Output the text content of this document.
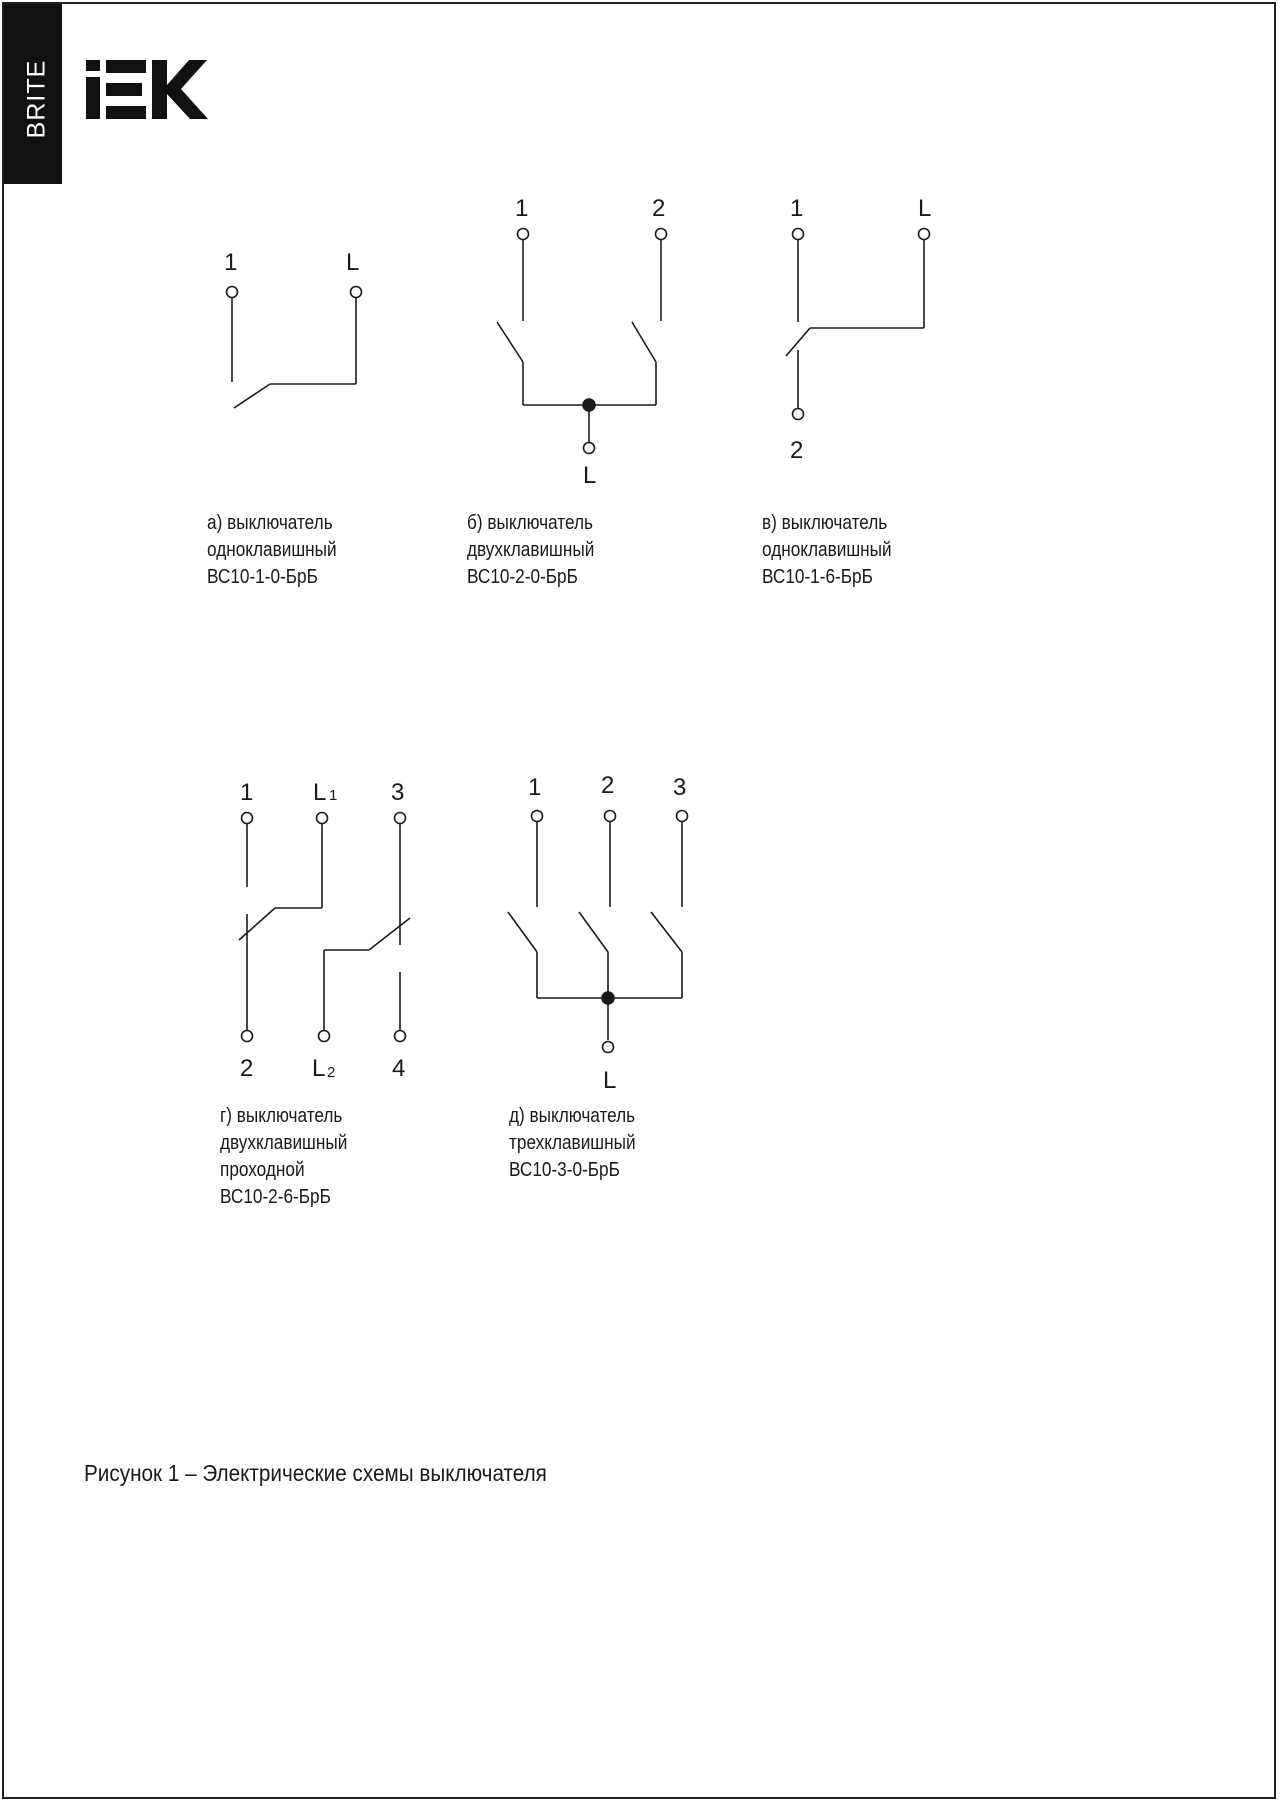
BRITE
1	L
1	2
L
1	L
2
1 L 1 3
2 L 2 4
1 2 3
L
а) выключатель
одноклавишный
ВС10-1-0-БрБ
б) выключатель
двухклавишный
ВС10-2-0-БрБ
в) выключатель
одноклавишный
ВС10-1-6-БрБ
г) выключатель
двухклавишный
проходной
ВС10-2-6-БрБ
д) выключатель
трехклавишный
ВС10-3-0-БрБ
Рисунок 1 – Электрические схемы выключателя
